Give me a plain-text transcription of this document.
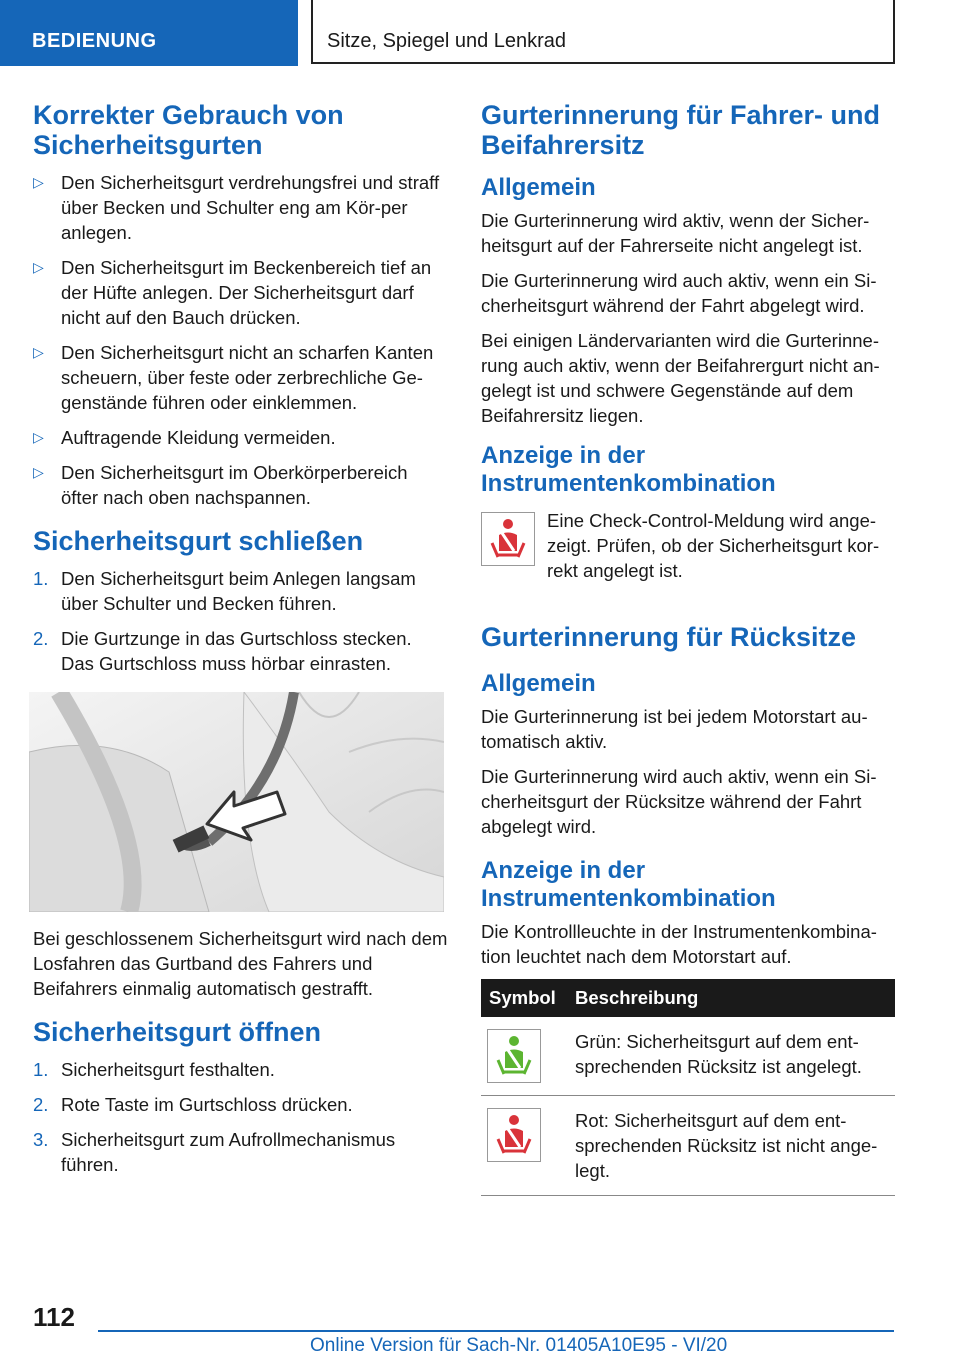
BEDIENUNG	Sitze, Spiegel und Lenkrad
Korrekter Gebrauch von Sicherheitsgurten
▷ Den Sicherheitsgurt verdrehungsfrei und straff über Becken und Schulter eng am Kör-per anlegen.
▷ Den Sicherheitsgurt im Beckenbereich tief an der Hüfte anlegen. Der Sicherheitsgurt darf nicht auf den Bauch drücken.
▷ Den Sicherheitsgurt nicht an scharfen Kanten scheuern, über feste oder zerbrechliche Ge-genstände führen oder einklemmen.
▷ Auftragende Kleidung vermeiden.
▷ Den Sicherheitsgurt im Oberkörperbereich öfter nach oben nachspannen.
Sicherheitsgurt schließen
1. Den Sicherheitsgurt beim Anlegen langsam über Schulter und Becken führen.
2. Die Gurtzunge in das Gurtschloss stecken. Das Gurtschloss muss hörbar einrasten.

Bei geschlossenem Sicherheitsgurt wird nach dem Losfahren das Gurtband des Fahrers und Beifahrers einmalig automatisch gestrafft.

Sicherheitsgurt öffnen
1. Sicherheitsgurt festhalten.
2. Rote Taste im Gurtschloss drücken.
3. Sicherheitsgurt zum Aufrollmechanismus führen.
Gurterinnerung für Fahrer- und Beifahrersitz
Allgemein

Die Gurterinnerung wird aktiv, wenn der Sicher-heitsgurt auf der Fahrerseite nicht angelegt ist.

Die Gurterinnerung wird auch aktiv, wenn ein Si-cherheitsgurt während der Fahrt abgelegt wird.

Bei einigen Ländervarianten wird die Gurterinne-rung auch aktiv, wenn der Beifahrergurt nicht an-gelegt ist und schwere Gegenstände auf dem Beifahrersitz liegen.

Anzeige in der Instrumentenkombination
Eine Check-Control-Meldung wird ange-zeigt. Prüfen, ob der Sicherheitsgurt kor-rekt angelegt ist.
Gurterinnerung für Rücksitze
Allgemein

Die Gurterinnerung ist bei jedem Motorstart au-tomatisch aktiv.

Die Gurterinnerung wird auch aktiv, wenn ein Si-cherheitsgurt der Rücksitze während der Fahrt abgelegt wird.

Anzeige in der Instrumentenkombination

Die Kontrollleuchte in der Instrumentenkombina-tion leuchtet nach dem Motorstart auf.

Symbol	Beschreibung

	Grün: Sicherheitsgurt auf dem ent-sprechenden Rücksitz ist angelegt.

	Rot: Sicherheitsgurt auf dem ent-sprechenden Rücksitz ist nicht ange-legt.
112
Online Version für Sach-Nr. 01405A10E95 - VI/20
